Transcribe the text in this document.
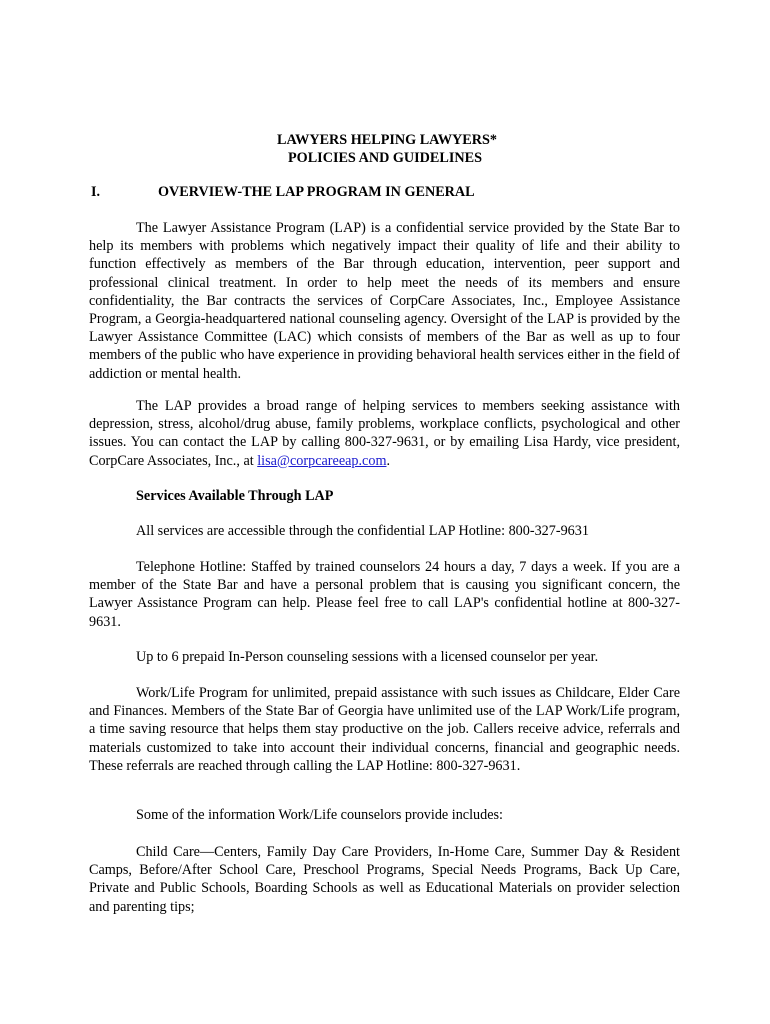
LAWYERS HELPING LAWYERS*
POLICIES AND GUIDELINES
I.	OVERVIEW-THE LAP PROGRAM IN GENERAL

The Lawyer Assistance Program (LAP) is a confidential service provided by the State Bar to help its members with problems which negatively impact their quality of life and their ability to function effectively as members of the Bar through education, intervention, peer support and professional clinical treatment. In order to help meet the needs of its members and ensure confidentiality, the Bar contracts the services of CorpCare Associates, Inc., Employee Assistance Program, a Georgia-headquartered national counseling agency. Oversight of the LAP is provided by the Lawyer Assistance Committee (LAC) which consists of members of the Bar as well as up to four members of the public who have experience in providing behavioral health services either in the field of addiction or mental health.

The LAP provides a broad range of helping services to members seeking assistance with depression, stress, alcohol/drug abuse, family problems, workplace conflicts, psychological and other issues. You can contact the LAP by calling 800-327-9631, or by emailing Lisa Hardy, vice president, CorpCare Associates, Inc., at lisa@corpcareeap.com.

Services Available Through LAP

All services are accessible through the confidential LAP Hotline: 800-327-9631

Telephone Hotline: Staffed by trained counselors 24 hours a day, 7 days a week. If you are a member of the State Bar and have a personal problem that is causing you significant concern, the Lawyer Assistance Program can help. Please feel free to call LAP's confidential hotline at 800-327-9631.

Up to 6 prepaid In-Person counseling sessions with a licensed counselor per year.

Work/Life Program for unlimited, prepaid assistance with such issues as Childcare, Elder Care and Finances. Members of the State Bar of Georgia have unlimited use of the LAP Work/Life program, a time saving resource that helps them stay productive on the job. Callers receive advice, referrals and materials customized to take into account their individual concerns, financial and geographic needs. These referrals are reached through calling the LAP Hotline: 800-327-9631.

Some of the information Work/Life counselors provide includes:

Child Care—Centers, Family Day Care Providers, In-Home Care, Summer Day & Resident Camps, Before/After School Care, Preschool Programs, Special Needs Programs, Back Up Care, Private and Public Schools, Boarding Schools as well as Educational Materials on provider selection and parenting tips;
